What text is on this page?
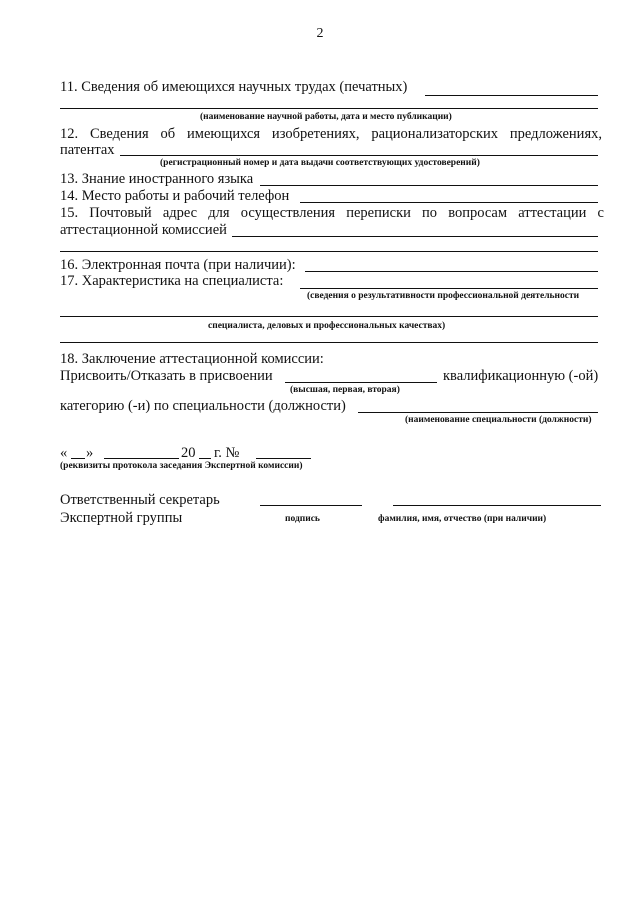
2
11. Сведения об имеющихся научных трудах (печатных)
(наименование научной работы, дата и место публикации)
12. Сведения об имеющихся изобретениях, рационализаторских предложениях,
патентах
(регистрационный номер и дата выдачи соответствующих удостоверений)
13. Знание иностранного языка
14. Место работы и рабочий телефон
15. Почтовый адрес для осуществления переписки по вопросам аттестации с
аттестационной комиссией
16. Электронная почта (при наличии):
17. Характеристика на специалиста:
(сведения о результативности профессиональной деятельности
специалиста, деловых и профессиональных качествах)
18. Заключение аттестационной комиссии:
Присвоить/Отказать в присвоении	квалификационную (-ой)
(высшая, первая, вторая)
категорию (-и) по специальности (должности)
(наименование специальности (должности)
« »	20 г. №
(реквизиты протокола заседания Экспертной комиссии)
Ответственный секретарь
Экспертной группы	подпись	фамилия, имя, отчество (при наличии)
